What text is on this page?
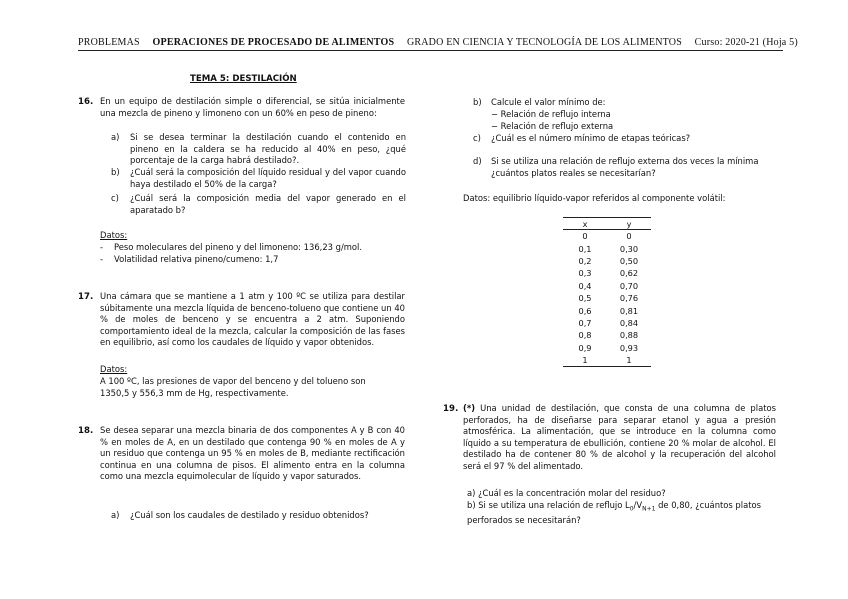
PROBLEMAS OPERACIONES DE PROCESADO DE ALIMENTOS GRADO EN CIENCIA Y TECNOLOGÍA DE LOS ALIMENTOS Curso: 2020-21 (Hoja 5)
TEMA 5: DESTILACIÓN
16. En un equipo de destilación simple o diferencial, se sitúa inicialmente una mezcla de pineno y limoneno con un 60% en peso de pineno:
a) Si se desea terminar la destilación cuando el contenido en pineno en la caldera se ha reducido al 40% en peso, ¿qué porcentaje de la carga habrá destilado?.
b) ¿Cuál será la composición del líquido residual y del vapor cuando haya destilado el 50% de la carga?
c) ¿Cuál será la composición media del vapor generado en el aparatado b?
Datos:
- Peso moleculares del pineno y del limoneno: 136,23 g/mol.
- Volatilidad relativa pineno/cumeno: 1,7
17. Una cámara que se mantiene a 1 atm y 100 ºC se utiliza para destilar súbitamente una mezcla líquida de benceno-tolueno que contiene un 40 % de moles de benceno y se encuentra a 2 atm. Suponiendo comportamiento ideal de la mezcla, calcular la composición de las fases en equilibrio, así como los caudales de líquido y vapor obtenidos.
Datos:
A 100 ºC, las presiones de vapor del benceno y del tolueno son 1350,5 y 556,3 mm de Hg, respectivamente.
18. Se desea separar una mezcla binaria de dos componentes A y B con 40 % en moles de A, en un destilado que contenga 90 % en moles de A y un residuo que contenga un 95 % en moles de B, mediante rectificación continua en una columna de pisos. El alimento entra en la columna como una mezcla equimolecular de líquido y vapor saturados.
a) ¿Cuál son los caudales de destilado y residuo obtenidos?
b) Calcule el valor mínimo de:
− Relación de reflujo interna
− Relación de reflujo externa
c) ¿Cuál es el número mínimo de etapas teóricas?
d) Si se utiliza una relación de reflujo externa dos veces la mínima ¿cuántos platos reales se necesitarían?
Datos: equilibrio líquido-vapor referidos al componente volátil:
x	y
0	0
0,1	0,30
0,2	0,50
0,3	0,62
0,4	0,70
0,5	0,76
0,6	0,81
0,7	0,84
0,8	0,88
0,9	0,93
1	1
19. (*) Una unidad de destilación, que consta de una columna de platos perforados, ha de diseñarse para separar etanol y agua a presión atmosférica. La alimentación, que se introduce en la columna como líquido a su temperatura de ebullición, contiene 20 % molar de alcohol. El destilado ha de contener 80 % de alcohol y la recuperación del alcohol será el 97 % del alimentado.
a) ¿Cuál es la concentración molar del residuo?
b) Si se utiliza una relación de reflujo $L_0/V_{N+1}$ de 0,80, ¿cuántos platos perforados se necesitarán?
